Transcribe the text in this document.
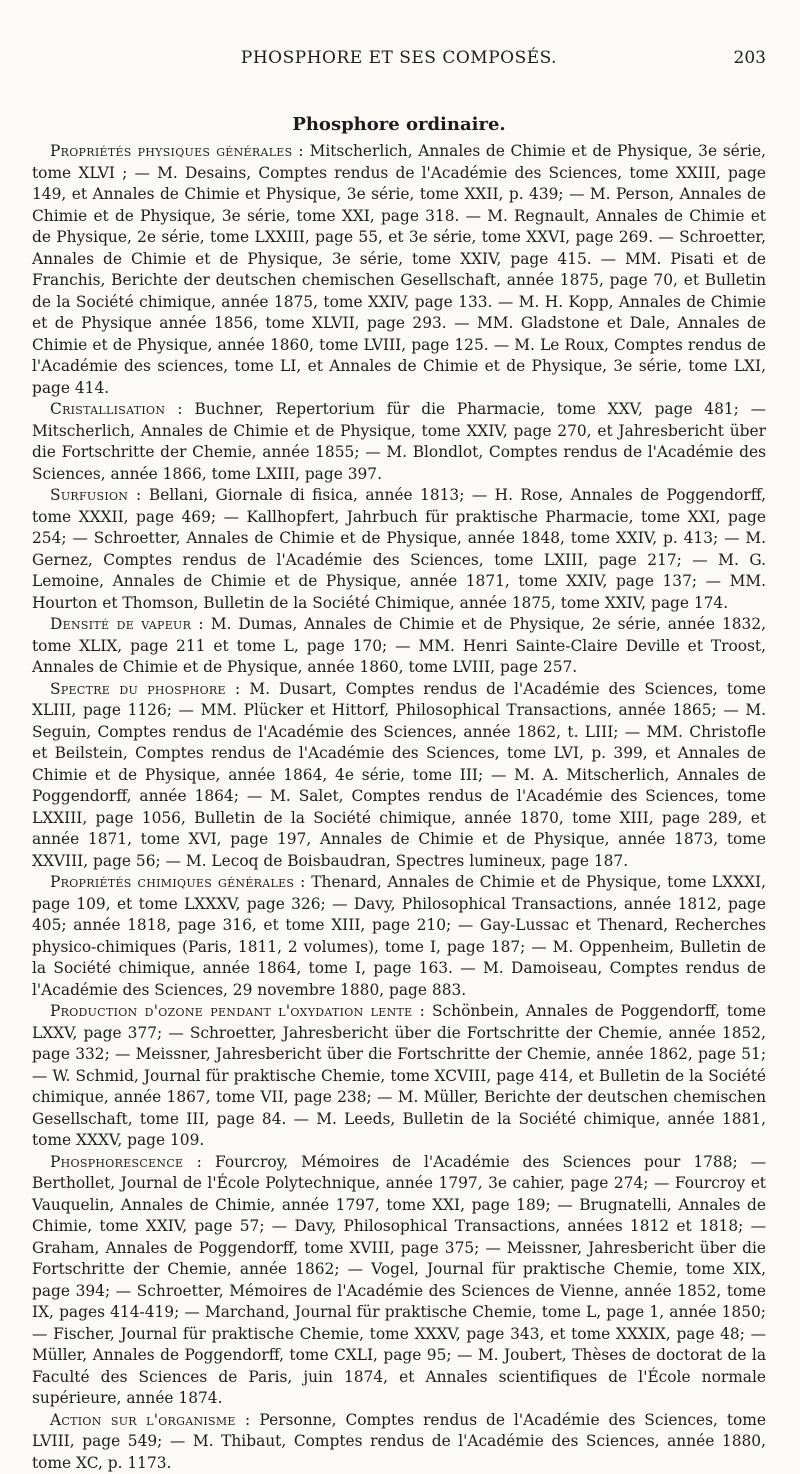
PHOSPHORE ET SES COMPOSÉS.	203
Phosphore ordinaire.

Propriétés physiques générales : Mitscherlich, Annales de Chimie et de Physique, 3e série, tome XLVI ; — M. Desains, Comptes rendus de l'Académie des Sciences, tome XXIII, page 149, et Annales de Chimie et Physique, 3e série, tome XXII, p. 439; — M. Person, Annales de Chimie et de Physique, 3e série, tome XXI, page 318. — M. Regnault, Annales de Chimie et de Physique, 2e série, tome LXXIII, page 55, et 3e série, tome XXVI, page 269. — Schroetter, Annales de Chimie et de Physique, 3e série, tome XXIV, page 415. — MM. Pisati et de Franchis, Berichte der deutschen chemischen Gesellschaft, année 1875, page 70, et Bulletin de la Société chimique, année 1875, tome XXIV, page 133. — M. H. Kopp, Annales de Chimie et de Physique année 1856, tome XLVII, page 293. — MM. Gladstone et Dale, Annales de Chimie et de Physique, année 1860, tome LVIII, page 125. — M. Le Roux, Comptes rendus de l'Académie des sciences, tome LI, et Annales de Chimie et de Physique, 3e série, tome LXI, page 414.

Cristallisation : Buchner, Repertorium für die Pharmacie, tome XXV, page 481; — Mitscherlich, Annales de Chimie et de Physique, tome XXIV, page 270, et Jahresbericht über die Fortschritte der Chemie, année 1855; — M. Blondlot, Comptes rendus de l'Académie des Sciences, année 1866, tome LXIII, page 397.

Surfusion : Bellani, Giornale di fisica, année 1813; — H. Rose, Annales de Poggendorff, tome XXXII, page 469; — Kallhopfert, Jahrbuch für praktische Pharmacie, tome XXI, page 254; — Schroetter, Annales de Chimie et de Physique, année 1848, tome XXIV, p. 413; — M. Gernez, Comptes rendus de l'Académie des Sciences, tome LXIII, page 217; — M. G. Lemoine, Annales de Chimie et de Physique, année 1871, tome XXIV, page 137; — MM. Hourton et Thomson, Bulletin de la Société Chimique, année 1875, tome XXIV, page 174.

Densité de vapeur : M. Dumas, Annales de Chimie et de Physique, 2e série, année 1832, tome XLIX, page 211 et tome L, page 170; — MM. Henri Sainte-Claire Deville et Troost, Annales de Chimie et de Physique, année 1860, tome LVIII, page 257.

Spectre du phosphore : M. Dusart, Comptes rendus de l'Académie des Sciences, tome XLIII, page 1126; — MM. Plücker et Hittorf, Philosophical Transactions, année 1865; — M. Seguin, Comptes rendus de l'Académie des Sciences, année 1862, t. LIII; — MM. Christofle et Beilstein, Comptes rendus de l'Académie des Sciences, tome LVI, p. 399, et Annales de Chimie et de Physique, année 1864, 4e série, tome III; — M. A. Mitscherlich, Annales de Poggendorff, année 1864; — M. Salet, Comptes rendus de l'Académie des Sciences, tome LXXIII, page 1056, Bulletin de la Société chimique, année 1870, tome XIII, page 289, et année 1871, tome XVI, page 197, Annales de Chimie et de Physique, année 1873, tome XXVIII, page 56; — M. Lecoq de Boisbaudran, Spectres lumineux, page 187.

Propriétés chimiques générales : Thenard, Annales de Chimie et de Physique, tome LXXXI, page 109, et tome LXXXV, page 326; — Davy, Philosophical Transactions, année 1812, page 405; année 1818, page 316, et tome XIII, page 210; — Gay-Lussac et Thenard, Recherches physico-chimiques (Paris, 1811, 2 volumes), tome I, page 187; — M. Oppenheim, Bulletin de la Société chimique, année 1864, tome I, page 163. — M. Damoiseau, Comptes rendus de l'Académie des Sciences, 29 novembre 1880, page 883.

Production d'ozone pendant l'oxydation lente : Schönbein, Annales de Poggendorff, tome LXXV, page 377; — Schroetter, Jahresbericht über die Fortschritte der Chemie, année 1852, page 332; — Meissner, Jahresbericht über die Fortschritte der Chemie, année 1862, page 51; — W. Schmid, Journal für praktische Chemie, tome XCVIII, page 414, et Bulletin de la Société chimique, année 1867, tome VII, page 238; — M. Müller, Berichte der deutschen chemischen Gesellschaft, tome III, page 84. — M. Leeds, Bulletin de la Société chimique, année 1881, tome XXXV, page 109.

Phosphorescence : Fourcroy, Mémoires de l'Académie des Sciences pour 1788; — Berthollet, Journal de l'École Polytechnique, année 1797, 3e cahier, page 274; — Fourcroy et Vauquelin, Annales de Chimie, année 1797, tome XXI, page 189; — Brugnatelli, Annales de Chimie, tome XXIV, page 57; — Davy, Philosophical Transactions, années 1812 et 1818; — Graham, Annales de Poggendorff, tome XVIII, page 375; — Meissner, Jahresbericht über die Fortschritte der Chemie, année 1862; — Vogel, Journal für praktische Chemie, tome XIX, page 394; — Schroetter, Mémoires de l'Académie des Sciences de Vienne, année 1852, tome IX, pages 414-419; — Marchand, Journal für praktische Chemie, tome L, page 1, année 1850; — Fischer, Journal für praktische Chemie, tome XXXV, page 343, et tome XXXIX, page 48; — Müller, Annales de Poggendorff, tome CXLI, page 95; — M. Joubert, Thèses de doctorat de la Faculté des Sciences de Paris, juin 1874, et Annales scientifiques de l'École normale supérieure, année 1874.

Action sur l'organisme : Personne, Comptes rendus de l'Académie des Sciences, tome LVIII, page 549; — M. Thibaut, Comptes rendus de l'Académie des Sciences, année 1880, tome XC, p. 1173.
